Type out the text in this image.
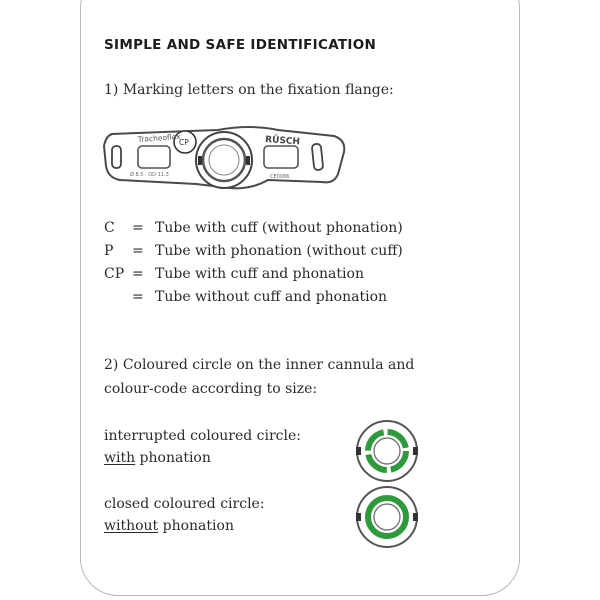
SIMPLE AND SAFE IDENTIFICATION
1) Marking letters on the fixation flange:
Tracheoflex
CP	RÜSCH
Ø 8.5 · OD 11.3	CE0086
C	= Tube with cuff (without phonation)
P	= Tube with phonation (without cuff)
CP = Tube with cuff and phonation
= Tube without cuff and phonation
2) Coloured circle on the inner cannula and
colour-code according to size:
interrupted coloured circle:
with phonation
closed coloured circle:
without phonation
